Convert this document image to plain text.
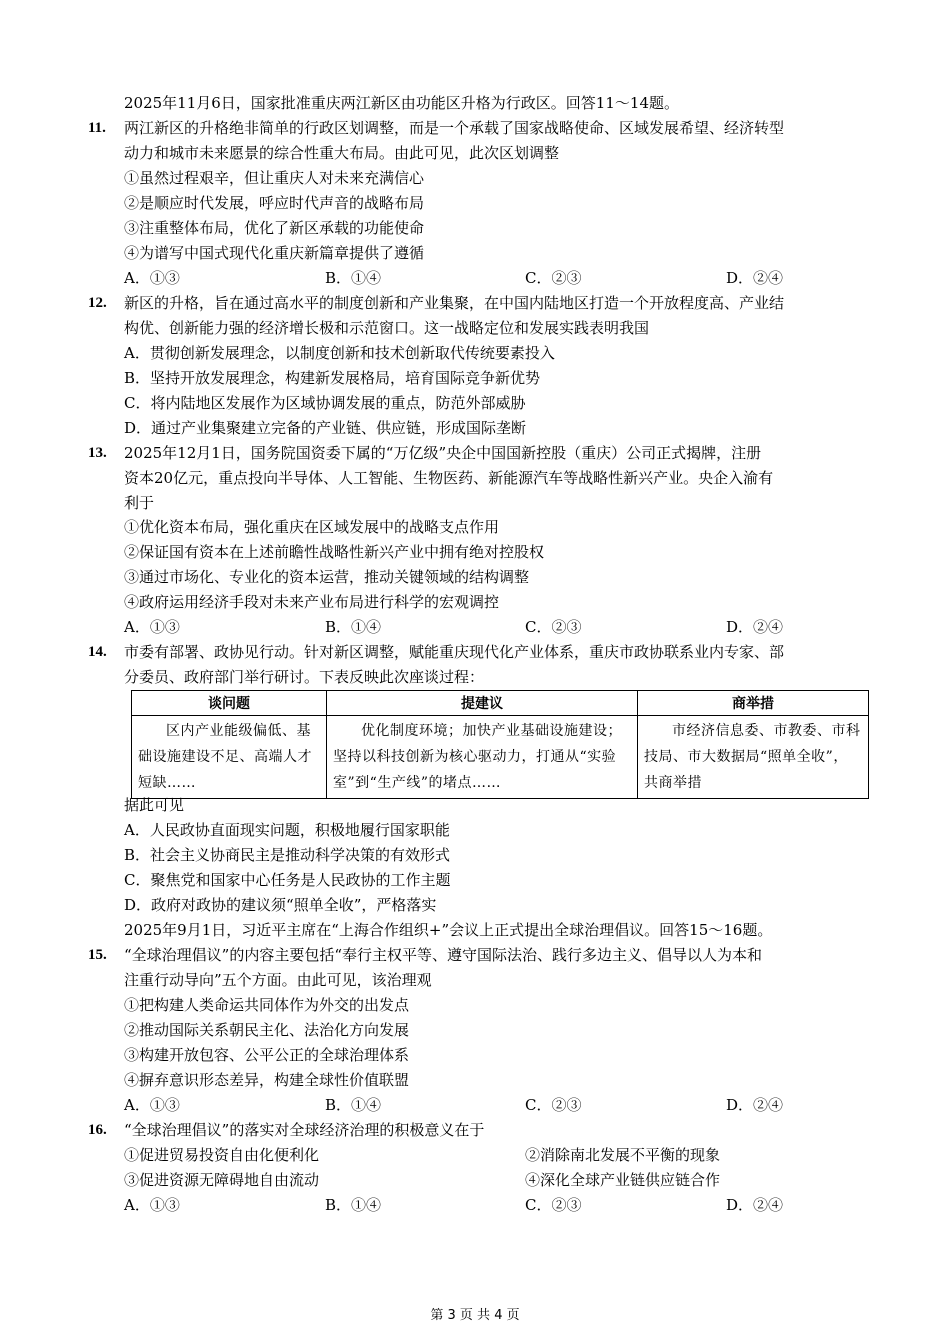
2025年11月6日，国家批准重庆两江新区由功能区升格为行政区。回答11～14题。
11. 两江新区的升格绝非简单的行政区划调整，而是一个承载了国家战略使命、区域发展希望、经济转型
动力和城市未来愿景的综合性重大布局。由此可见，此次区划调整
①虽然过程艰辛，但让重庆人对未来充满信心
②是顺应时代发展，呼应时代声音的战略布局
③注重整体布局，优化了新区承载的功能使命
④为谱写中国式现代化重庆新篇章提供了遵循
A．①③	B．①④	C．②③	D．②④
12. 新区的升格，旨在通过高水平的制度创新和产业集聚，在中国内陆地区打造一个开放程度高、产业结
构优、创新能力强的经济增长极和示范窗口。这一战略定位和发展实践表明我国
A．贯彻创新发展理念，以制度创新和技术创新取代传统要素投入
B．坚持开放发展理念，构建新发展格局，培育国际竞争新优势
C．将内陆地区发展作为区域协调发展的重点，防范外部威胁
D．通过产业集聚建立完备的产业链、供应链，形成国际垄断
13. 2025年12月1日，国务院国资委下属的“万亿级”央企中国国新控股（重庆）公司正式揭牌，注册
资本20亿元，重点投向半导体、人工智能、生物医药、新能源汽车等战略性新兴产业。央企入渝有
利于
①优化资本布局，强化重庆在区域发展中的战略支点作用
②保证国有资本在上述前瞻性战略性新兴产业中拥有绝对控股权
③通过市场化、专业化的资本运营，推动关键领域的结构调整
④政府运用经济手段对未来产业布局进行科学的宏观调控
A．①③	B．①④	C．②③	D．②④
14. 市委有部署、政协见行动。针对新区调整，赋能重庆现代化产业体系，重庆市政协联系业内专家、部
分委员、政府部门举行研讨。下表反映此次座谈过程：
谈问题	提建议	商举措
区内产业能级偏低、基础设施建设不足、高端人才短缺……	优化制度环境；加快产业基础设施建设；坚持以科技创新为核心驱动力，打通从“实验室”到“生产线”的堵点……	市经济信息委、市教委、市科技局、市大数据局“照单全收”，共商举措
据此可见
A．人民政协直面现实问题，积极地履行国家职能
B．社会主义协商民主是推动科学决策的有效形式
C．聚焦党和国家中心任务是人民政协的工作主题
D．政府对政协的建议须“照单全收”，严格落实
2025年9月1日，习近平主席在“上海合作组织+”会议上正式提出全球治理倡议。回答15～16题。
15. “全球治理倡议”的内容主要包括“奉行主权平等、遵守国际法治、践行多边主义、倡导以人为本和
注重行动导向”五个方面。由此可见，该治理观
①把构建人类命运共同体作为外交的出发点
②推动国际关系朝民主化、法治化方向发展
③构建开放包容、公平公正的全球治理体系
④摒弃意识形态差异，构建全球性价值联盟
A．①③	B．①④	C．②③	D．②④
16. “全球治理倡议”的落实对全球经济治理的积极意义在于
①促进贸易投资自由化便利化	②消除南北发展不平衡的现象
③促进资源无障碍地自由流动	④深化全球产业链供应链合作
A．①③	B．①④	C．②③	D．②④
第 3 页 共 4 页
